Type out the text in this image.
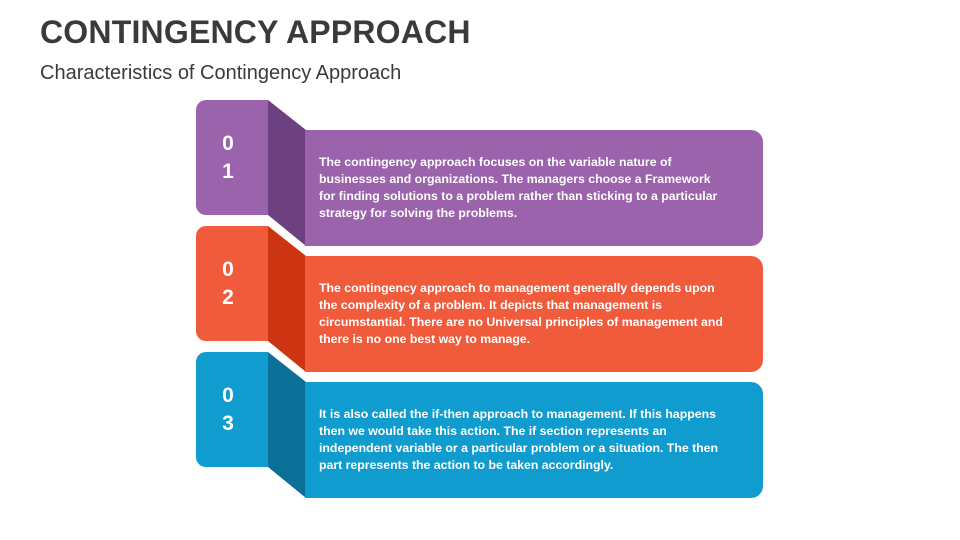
CONTINGENCY APPROACH
Characteristics of Contingency Approach
0
1	The contingency approach focuses on the variable nature of businesses and organizations. The managers choose a Framework for finding solutions to a problem rather than sticking to a particular strategy for solving the problems.
0
2	The contingency approach to management generally depends upon the complexity of a problem. It depicts that management is circumstantial. There are no Universal principles of management and there is no one best way to manage.
0
3	It is also called the if-then approach to management. If this happens then we would take this action. The if section represents an independent variable or a particular problem or a situation. The then part represents the action to be taken accordingly.
